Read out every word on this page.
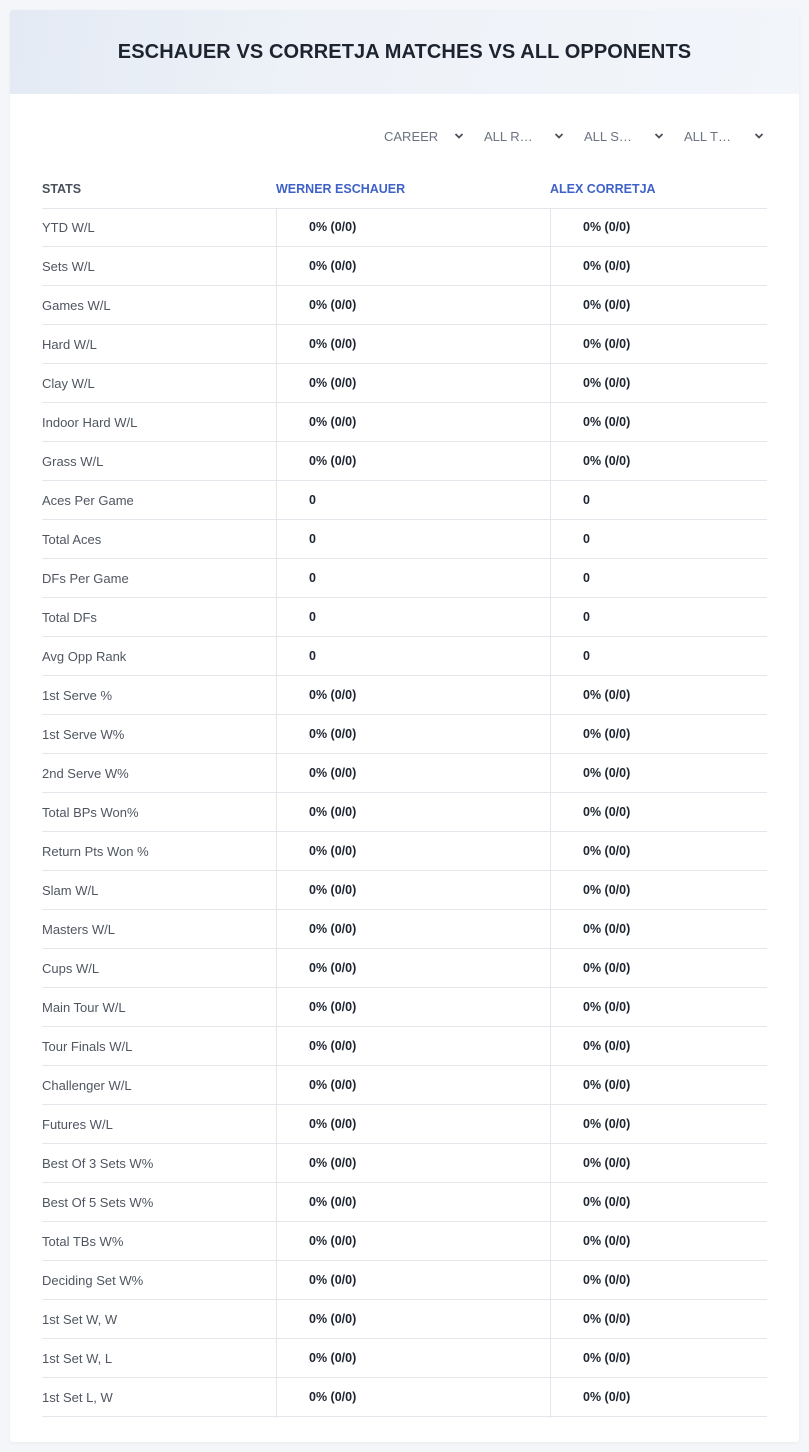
ESCHAUER VS CORRETJA MATCHES VS ALL OPPONENTS
CAREER	ALL R…	ALL S…	ALL T…
STATS	WERNER ESCHAUER	ALEX CORRETJA
YTD W/L	0% (0/0)	0% (0/0)
Sets W/L	0% (0/0)	0% (0/0)
Games W/L	0% (0/0)	0% (0/0)
Hard W/L	0% (0/0)	0% (0/0)
Clay W/L	0% (0/0)	0% (0/0)
Indoor Hard W/L	0% (0/0)	0% (0/0)
Grass W/L	0% (0/0)	0% (0/0)
Aces Per Game	0	0
Total Aces	0	0
DFs Per Game	0	0
Total DFs	0	0
Avg Opp Rank	0	0
1st Serve %	0% (0/0)	0% (0/0)
1st Serve W%	0% (0/0)	0% (0/0)
2nd Serve W%	0% (0/0)	0% (0/0)
Total BPs Won%	0% (0/0)	0% (0/0)
Return Pts Won %	0% (0/0)	0% (0/0)
Slam W/L	0% (0/0)	0% (0/0)
Masters W/L	0% (0/0)	0% (0/0)
Cups W/L	0% (0/0)	0% (0/0)
Main Tour W/L	0% (0/0)	0% (0/0)
Tour Finals W/L	0% (0/0)	0% (0/0)
Challenger W/L	0% (0/0)	0% (0/0)
Futures W/L	0% (0/0)	0% (0/0)
Best Of 3 Sets W%	0% (0/0)	0% (0/0)
Best Of 5 Sets W%	0% (0/0)	0% (0/0)
Total TBs W%	0% (0/0)	0% (0/0)
Deciding Set W%	0% (0/0)	0% (0/0)
1st Set W, W	0% (0/0)	0% (0/0)
1st Set W, L	0% (0/0)	0% (0/0)
1st Set L, W	0% (0/0)	0% (0/0)
